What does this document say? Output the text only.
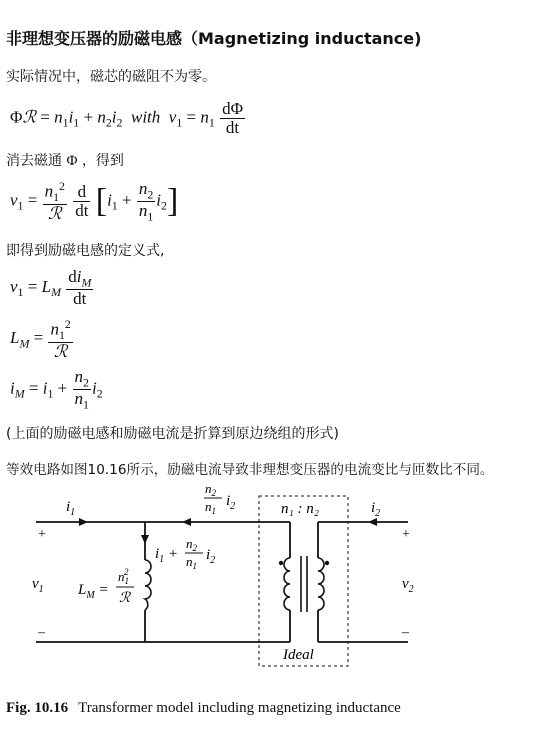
非理想变压器的励磁电感（Magnetizing inductance)
实际情况中，磁芯的磁阻不为零。
Φℛ = $n_1i_1 + n_2i_2$ with $v_1 = n_1 \frac{d\Phi}{dt}$
消去磁通 Φ ，得到
$v_1 = \frac{n_1^2}{\text{ℛ}}$
$\frac{d}{dt} [i_1 + \frac{n_2}{n_1} i_2]$
即得到励磁电感的定义式,
$v_1 = L_M \frac{di_M}{dt}$
$L_M = \frac{n_1^2}{\text{ℛ}}$
$i_M = i_1 + \frac{n_2}{n_1} i_2$
(上面的励磁电感和励磁电流是折算到原边绕组的形式)
等效电路如图10.16所示，励磁电流导致非理想变压器的电流变比与匝数比不同。
$i_1$	$i_2$
+
–
+
–
$v_1$	$v_2$
$n_2$
$n_1$
$i_2$	n₁ : n₂
$i_1$ +
$n_2$
$n_1$
$i_2$
$L_M$ =
$n_12$
ℛ
Ideal
Fig. 10.16 Transformer model including magnetizing inductance
